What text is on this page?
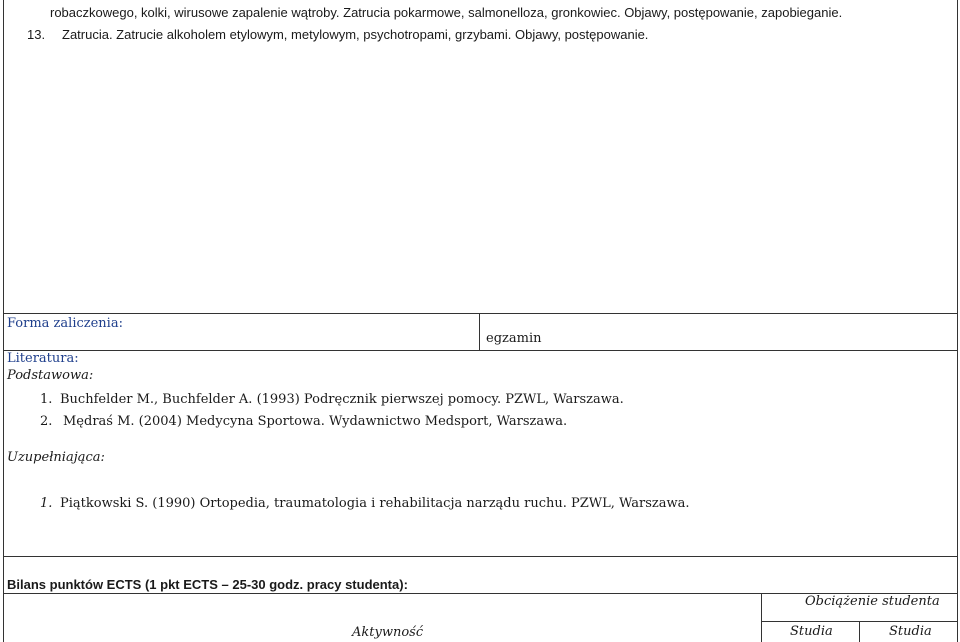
robaczkowego, kolki, wirusowe zapalenie wątroby. Zatrucia pokarmowe, salmonelloza, gronkowiec. Objawy, postępowanie, zapobieganie.
13. Zatrucia. Zatrucie alkoholem etylowym, metylowym, psychotropami, grzybami. Objawy, postępowanie.
Forma zaliczenia:
egzamin
Literatura:
Podstawowa:
1. Buchfelder M., Buchfelder A. (1993) Podręcznik pierwszej pomocy. PZWL, Warszawa.
2. Mędraś M. (2004) Medycyna Sportowa. Wydawnictwo Medsport, Warszawa.
Uzupełniająca:
1. Piątkowski S. (1990) Ortopedia, traumatologia i rehabilitacja narządu ruchu. PZWL, Warszawa.
Bilans punktów ECTS (1 pkt ECTS – 25-30 godz. pracy studenta):
Aktywność
Obciążenie studenta
Studia	Studia
